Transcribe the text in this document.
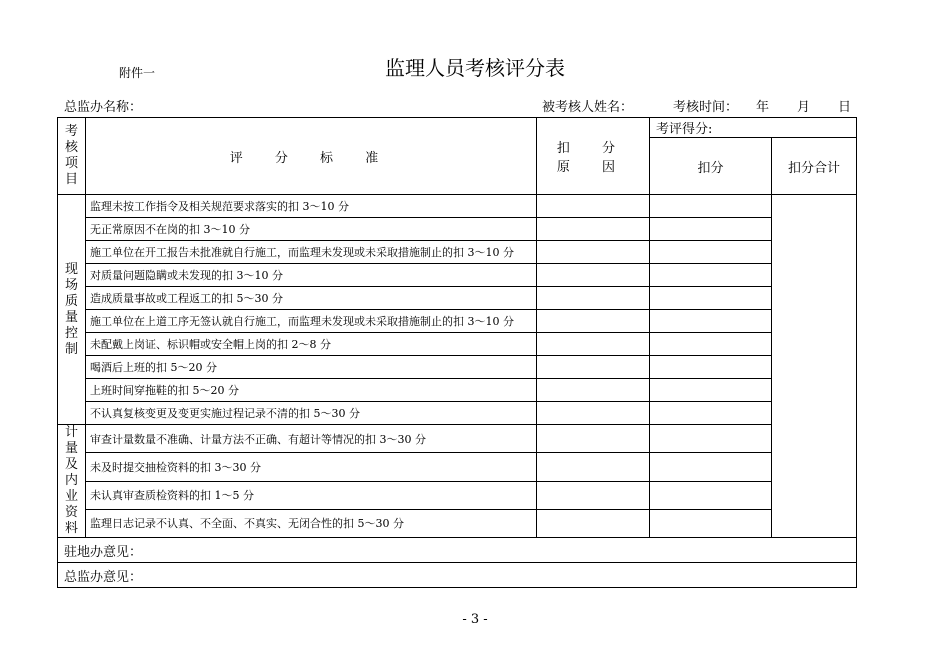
附件一	监理人员考核评分表
总监办名称：	被考核人姓名：	考核时间： 年 月 日
考核项目	评 分 标 准	扣 分 原 因	考评得分:	
			扣分	扣分合计
现场质量控制	监理未按工作指令及相关规范要求落实的扣 3～10 分			
	无正常原因不在岗的扣 3～10 分			
	施工单位在开工报告未批准就自行施工，而监理未发现或未采取措施制止的扣 3～10 分			
	对质量问题隐瞒或未发现的扣 3～10 分			
	造成质量事故或工程返工的扣 5～30 分			
	施工单位在上道工序无签认就自行施工，而监理未发现或未采取措施制止的扣 3～10 分			
	未配戴上岗证、标识帽或安全帽上岗的扣 2～8 分			
	喝酒后上班的扣 5～20 分			
	上班时间穿拖鞋的扣 5～20 分			
	不认真复核变更及变更实施过程记录不清的扣 5～30 分			
计量及内业资料	审查计量数量不准确、计量方法不正确、有超计等情况的扣 3～30 分			
	未及时提交抽检资料的扣 3～30 分			
	未认真审查质检资料的扣 1～5 分			
	监理日志记录不认真、不全面、不真实、无闭合性的扣 5～30 分			
驻地办意见：				
总监办意见：				
- 3 -
